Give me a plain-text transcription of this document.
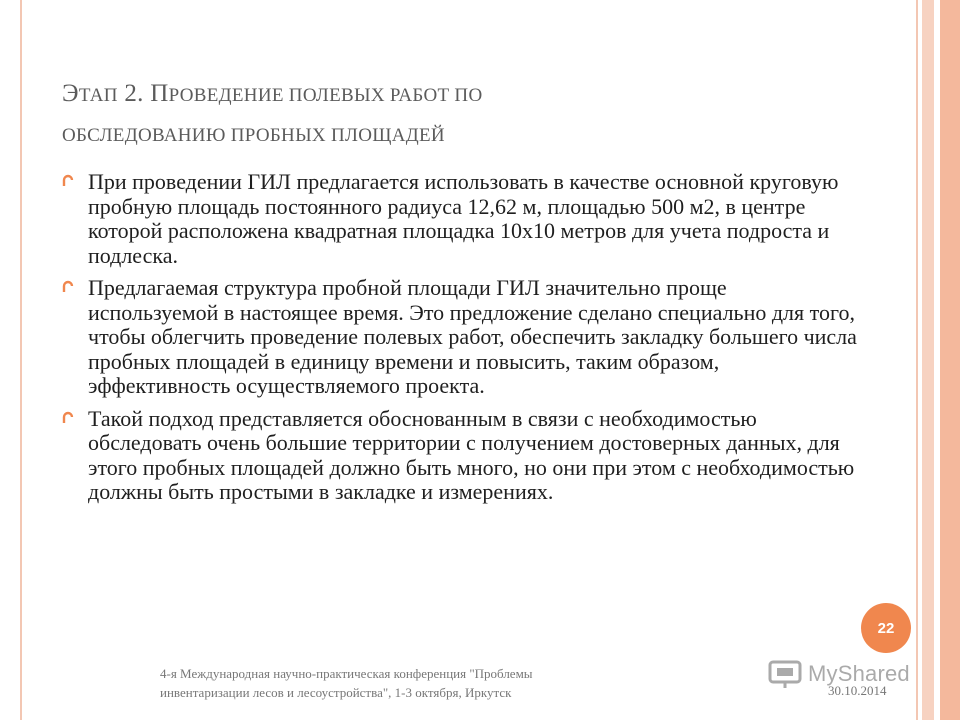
ЭТАП 2. ПРОВЕДЕНИЕ ПОЛЕВЫХ РАБОТ ПО
ОБСЛЕДОВАНИЮ ПРОБНЫХ ПЛОЩАДЕЙ
При проведении ГИЛ предлагается использовать в качестве основной круговую пробную площадь постоянного радиуса 12,62 м, площадью 500 м2, в центре которой расположена квадратная площадка 10х10 метров для учета подроста и подлеска.
Предлагаемая структура пробной площади ГИЛ значительно проще используемой в настоящее время. Это предложение сделано специально для того, чтобы облегчить проведение полевых работ, обеспечить закладку большего числа пробных площадей в единицу времени и повысить, таким образом, эффективность осуществляемого проекта.
Такой подход представляется обоснованным в связи с необходимостью обследовать очень большие территории с получением достоверных данных, для этого пробных площадей должно быть много, но они при этом с необходимостью должны быть простыми в закладке и измерениях.
22
4-я Международная научно-практическая конференция "Проблемы
инвентаризации лесов и лесоустройства", 1-3 октября, Иркутск	30.10.2014
MyShared
